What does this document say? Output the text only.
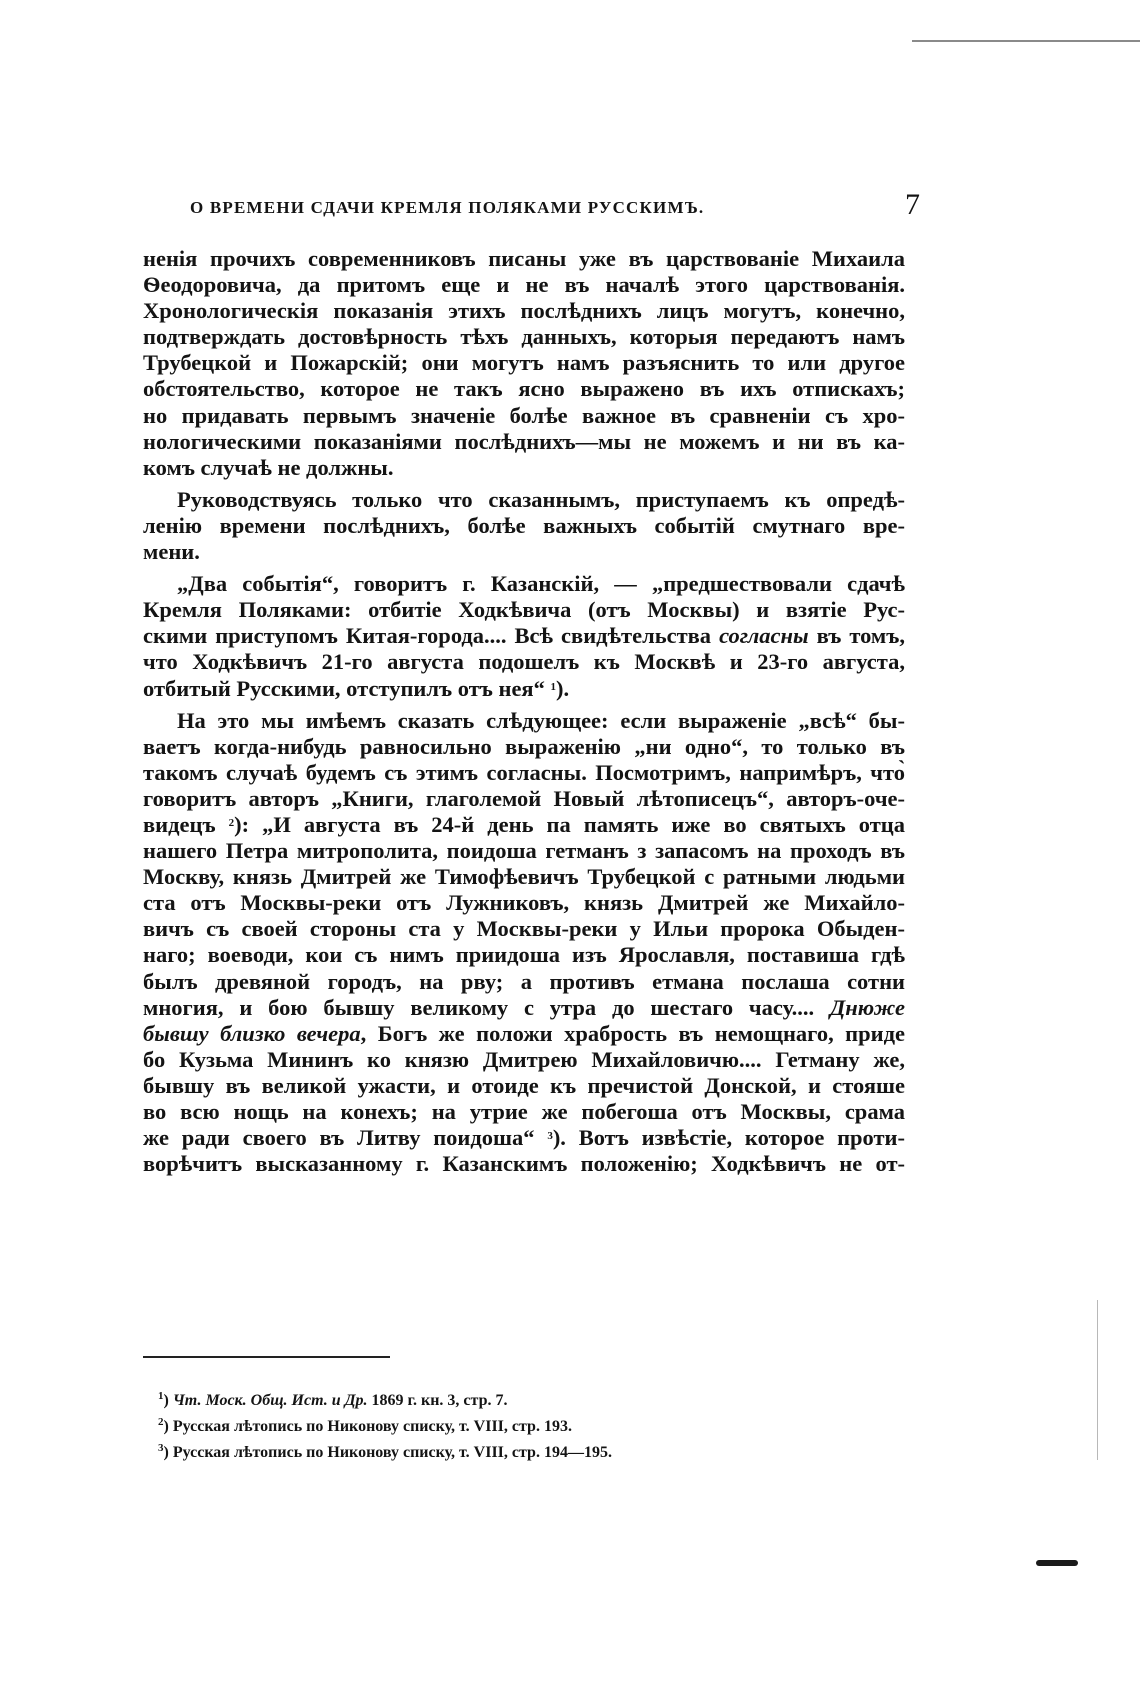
О ВРЕМЕНИ СДАЧИ КРЕМЛЯ ПОЛЯКАМИ РУССКИМЪ.	7
ненія прочихъ современниковъ писаны уже въ царствованіе Михаила
Ѳеодоровича, да притомъ еще и не въ началѣ этого царствованія.
Хронологическія показанія этихъ послѣднихъ лицъ могутъ, конечно,
подтверждать достовѣрность тѣхъ данныхъ, которыя передаютъ намъ
Трубецкой и Пожарскій; они могутъ намъ разъяснить то или другое
обстоятельство, которое не такъ ясно выражено въ ихъ отпискахъ;
но придавать первымъ значеніе болѣе важное въ сравненіи съ хро-
нологическими показаніями послѣднихъ—мы не можемъ и ни въ ка-
комъ случаѣ не должны.
Руководствуясь только что сказаннымъ, приступаемъ къ опредѣ-
ленію времени послѣднихъ, болѣе важныхъ событій смутнаго вре-
мени.
„Два событія“, говоритъ г. Казанскій, — „предшествовали сдачѣ
Кремля Поляками: отбитіе Ходкѣвича (отъ Москвы) и взятіе Рус-
скими приступомъ Китая-города.... Всѣ свидѣтельства согласны въ томъ,
что Ходкѣвичъ 21-го августа подошелъ къ Москвѣ и 23-го августа,
отбитый Русскими, отступилъ отъ нея“ $^1$).
На это мы имѣемъ сказать слѣдующее: если выраженіе „всѣ“ бы-
ваетъ когда-нибудь равносильно выраженію „ни одно“, то только въ
такомъ случаѣ будемъ съ этимъ согласны. Посмотримъ, напримѣръ, что̀
говоритъ авторъ „Книги, глаголемой Новый лѣтописецъ“, авторъ-оче-
видецъ $^2$): „И августа въ 24-й день па память иже во святыхъ отца
нашего Петра митрополита, поидоша гетманъ з запасомъ на проходъ въ
Москву, князь Дмитрей же Тимофѣевичъ Трубецкой с ратными людьми
ста отъ Москвы-реки отъ Лужниковъ, князь Дмитрей же Михайло-
вичъ съ своей стороны ста у Москвы-реки у Ильи пророка Обыден-
наго; воеводи, кои съ нимъ приидоша изъ Ярославля, поставиша гдѣ
былъ древяной городъ, на рву; а противъ етмана послаша сотни
многия, и бою бывшу великому с утра до шестаго часу.... Днюже
бывшу близко вечера, Богъ же положи храбрость въ немощнаго, приде
бо Кузьма Мининъ ко князю Дмитрею Михайловичю.... Гетману же,
бывшу въ великой ужасти, и отоиде къ пречистой Донской, и стояше
во всю нощь на конехъ; на утрие же побегоша отъ Москвы, срама
же ради своего въ Литву поидоша“ $^3$). Вотъ извѣстіе, которое проти-
ворѣчитъ высказанному г. Казанскимъ положенію; Ходкѣвичъ не от-
$^1$) Чт. Моск. Общ. Ист. и Др. 1869 г. кн. 3, стр. 7.
$^2$) Русская лѣтопись по Никонову списку, т. VIII, стр. 193.
$^3$) Русская лѣтопись по Никонову списку, т. VIII, стр. 194—195.
